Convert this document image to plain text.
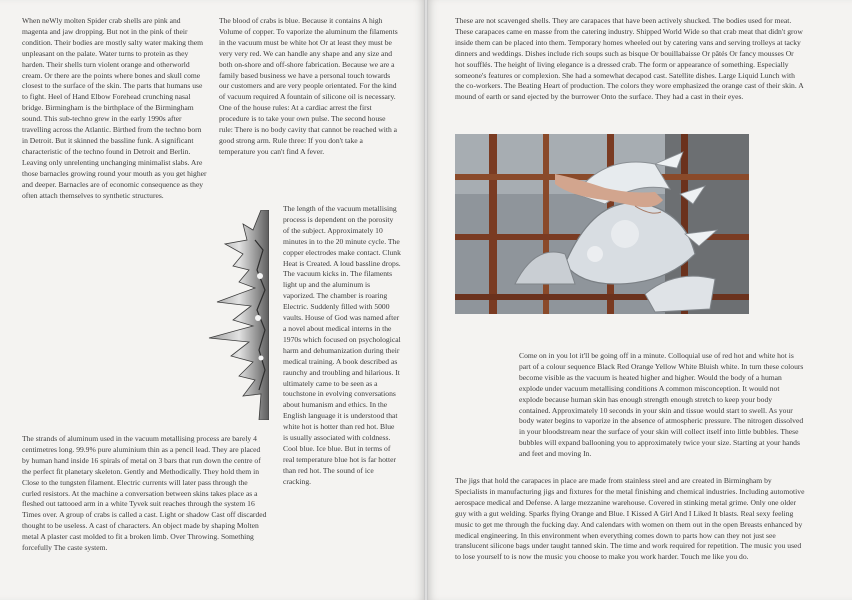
When neWly molten Spider crab shells are pink and magenta and jaw dropping. But not in the pink of their condition. Their bodies are mostly salty water making them unpleasant on the palate. Water turns to protein as they harden. Their shells turn violent orange and otherworld cream. Or there are the points where bones and skull come closest to the surface of the skin. The parts that humans use to fight. Heel of Hand Elbow Forehead crunching nasal bridge. Birmingham is the birthplace of the Birmingham sound. This sub-techno grew in the early 1990s after travelling across the Atlantic. Birthed from the techno born in Detroit. But it skinned the bassline funk. A significant characteristic of the techno found in Detroit and Berlin. Leaving only unrelenting unchanging minimalist slabs. Are those barnacles growing round your mouth as you get higher and deeper. Barnacles are of economic consequence as they often attach themselves to synthetic structures.

The blood of crabs is blue. Because it contains A high Volume of copper. To vaporize the aluminum the filaments in the vacuum must be white hot Or at least they must be very very red. We can handle any shape and any size and both on-shore and off-shore fabrication. Because we are a family based business we have a personal touch towards our customers and are very people orientated. For the kind of vacuum required A fountain of silicone oil is necessary. One of the house rules: At a cardiac arrest the first procedure is to take your own pulse. The second house rule: There is no body cavity that cannot be reached with a good strong arm. Rule three: If you don't take a temperature you can't find A fever.

The length of the vacuum metallising process is dependent on the porosity of the subject. Approximately 10 minutes in to the 20 minute cycle. The copper electrodes make contact. Clunk Heat is Created. A loud bassline drops. The vacuum kicks in. The filaments light up and the aluminum is vaporized. The chamber is roaring Electric. Suddenly filled with 5000 vaults. House of God was named after a novel about medical interns in the 1970s which focused on psychological harm and dehumanization during their medical training. A book described as raunchy and troubling and hilarious. It ultimately came to be seen as a touchstone in evolving conversations about humanism and ethics. In the English language it is understood that white hot is hotter than red hot. Blue is usually associated with coldness. Cool blue. Ice blue. But in terms of real temperature blue hot is far hotter than red hot. The sound of ice cracking.

The strands of aluminum used in the vacuum metallising process are barely 4 centimetres long. 99.9% pure aluminium thin as a pencil lead. They are placed by human hand inside 16 spirals of metal on 3 bars that run down the centre of the perfect fit planetary skeleton. Gently and Methodically. They hold them in Close to the tungsten filament. Electric currents will later pass through the curled resistors. At the machine a conversation between skins takes place as a fleshed out tattooed arm in a white Tyvek suit reaches through the system 16 Times over. A group of crabs is called a cast. Light or shadow Cast off discarded thought to be useless. A cast of characters. An object made by shaping Molten metal A plaster cast molded to fit a broken limb. Over Throwing. Something forcefully The caste system.

These are not scavenged shells. They are carapaces that have been actively shucked. The bodies used for meat. These carapaces came en masse from the catering industry. Shipped World Wide so that crab meat that didn't grow inside them can be placed into them. Temporary homes wheeled out by catering vans and serving trolleys at tacky dinners and weddings. Dishes include rich soups such as bisque Or bouillabaisse Or pâtés Or fancy mousses Or hot soufflés. The height of living elegance is a dressed crab. The form or appearance of something. Especially someone's features or complexion. She had a somewhat decapod cast. Satellite dishes. Large Liquid Lunch with the co-workers. The Beating Heart of production. The colors they wore emphasized the orange cast of their skin. A mound of earth or sand ejected by the burrower Onto the surface. They had a cast in their eyes.

Come on in you lot it'll be going off in a minute. Colloquial use of red hot and white hot is part of a colour sequence Black Red Orange Yellow White Bluish white. In turn these colours become visible as the vacuum is heated higher and higher. Would the body of a human explode under vacuum metallising conditions A common misconception. It would not explode because human skin has enough strength enough stretch to keep your body contained. Approximately 10 seconds in your skin and tissue would start to swell. As your body water begins to vaporize in the absence of atmospheric pressure. The nitrogen dissolved in your bloodstream near the surface of your skin will collect itself into little bubbles. These bubbles will expand ballooning you to approximately twice your size. Starting at your hands and feet and moving In.

The jigs that hold the carapaces in place are made from stainless steel and are created in Birmingham by Specialists in manufacturing jigs and fixtures for the metal finishing and chemical industries. Including automotive aerospace medical and Defense. A large mezzanine warehouse. Covered in stinking metal grime. Only one older guy with a gut welding. Sparks flying Orange and Blue. I Kissed A Girl And I Liked It blasts. Real sexy feeling music to get me through the fucking day. And calendars with women on them out in the open Breasts enhanced by medical engineering. In this environment when everything comes down to parts how can they not just see translucent silicone bags under taught tanned skin. The time and work required for repetition. The music you used to lose yourself to is now the music you choose to make you work harder. Touch me like you do.
